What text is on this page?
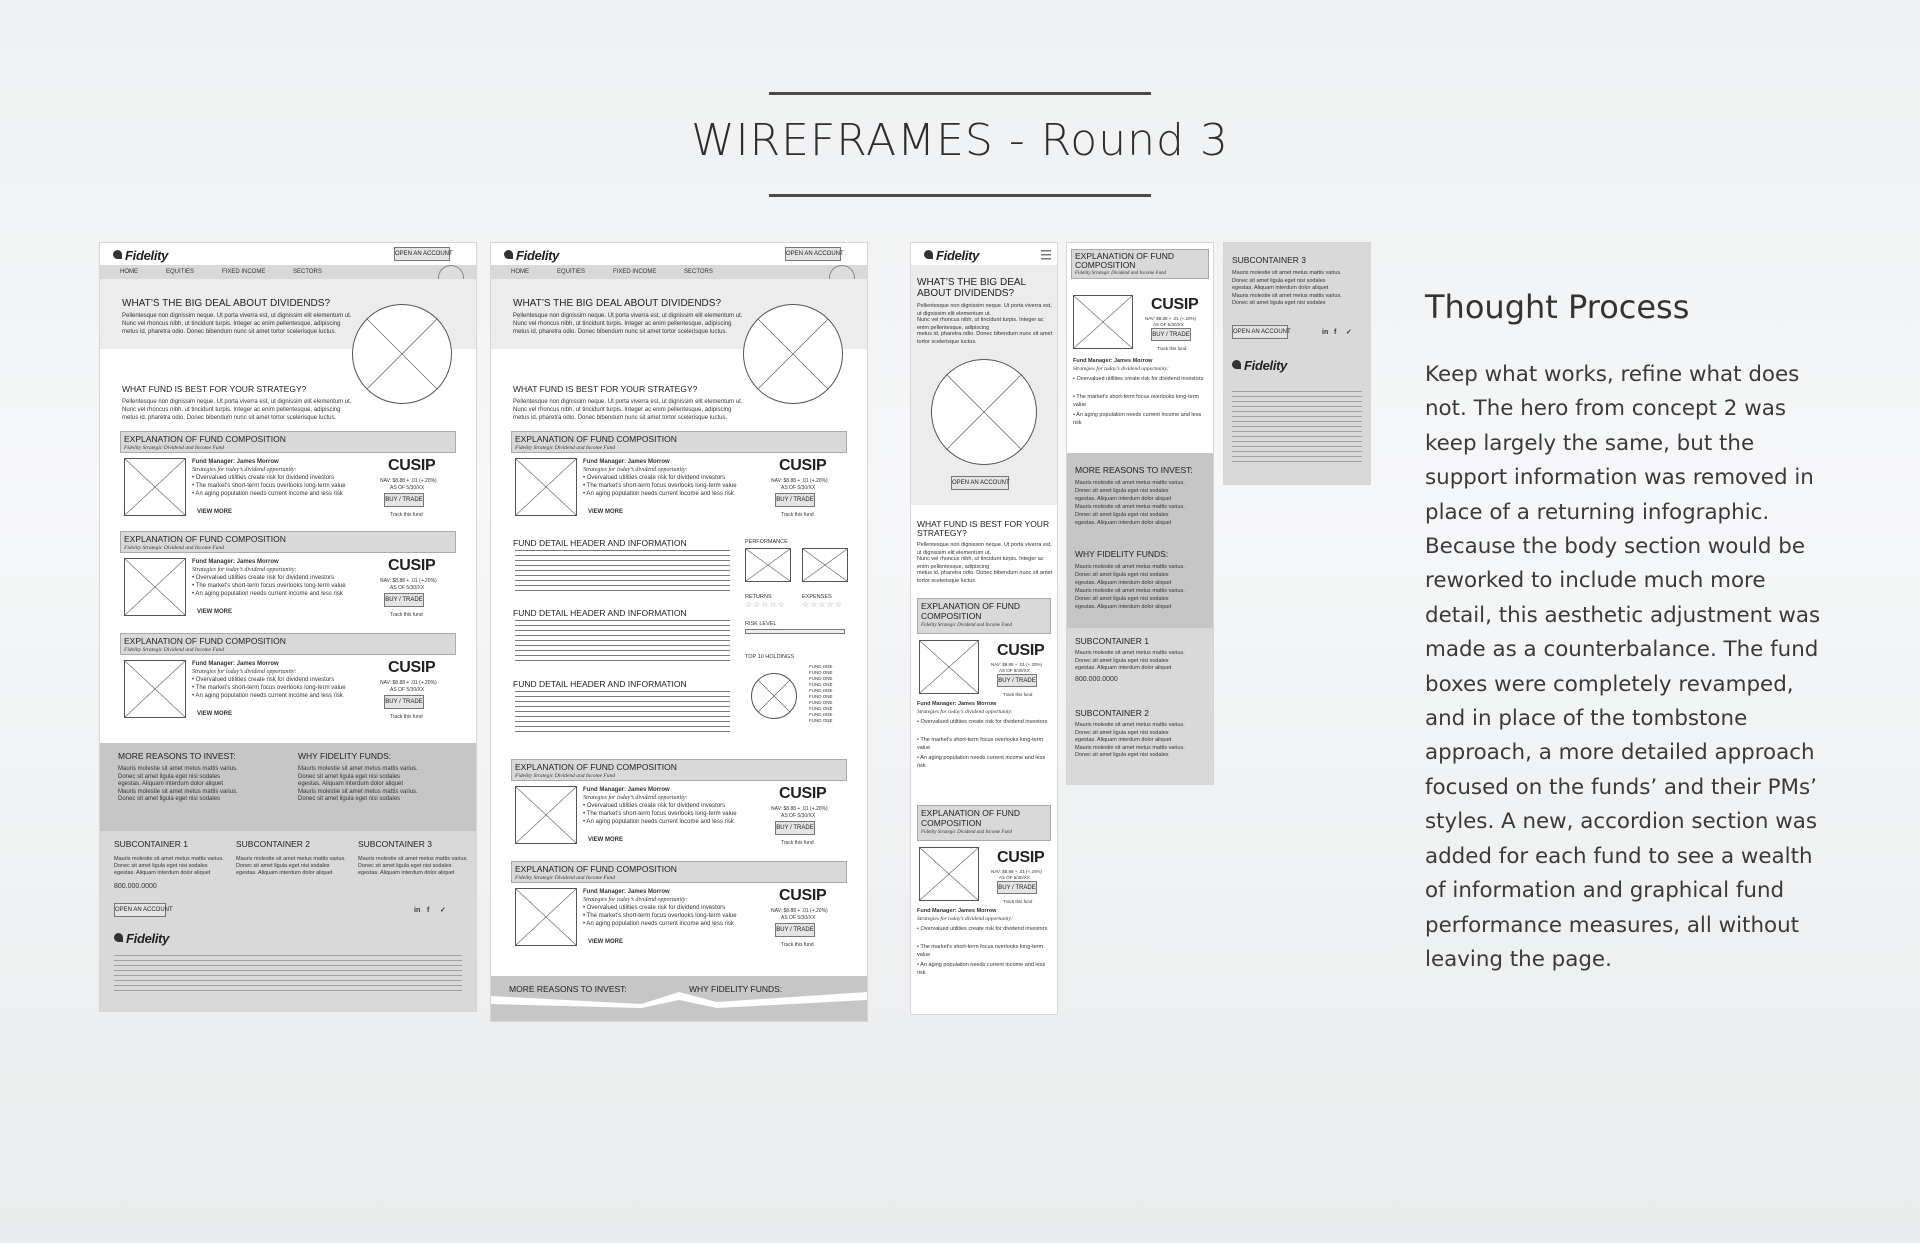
WIREFRAMES - Round 3
Fidelity	OPEN AN ACCOUNT
HOME	EQUITIES	FIXED INCOME	SECTORS
WHAT’S THE BIG DEAL ABOUT DIVIDENDS?
Pellentesque non dignissim neque. Ut porta viverra est, ut dignissim elit elementum ut.
Nunc vel rhoncus nibh, ut tincidunt turpis. Integer ac enim pellentesque, adipiscing
metus id, pharetra odio. Donec bibendum nunc sit amet tortor scelerisque luctus.
WHAT FUND IS BEST FOR YOUR STRATEGY?
Pellentesque non dignissim neque. Ut porta viverra est, ut dignissim elit elementum ut.
Nunc vel rhoncus nibh, ut tincidunt turpis. Integer ac enim pellentesque, adipiscing
metus id, pharetra odio. Donec bibendum nunc sit amet tortor scelerisque luctus.
EXPLANATION OF FUND COMPOSITION
Fidelity Strategic Dividend and Income Fund
Fund Manager: James Morrow
Strategies for today’s dividend opportunity:
• Overvalued utilities create risk for dividend investors
• The market’s short-term focus overlooks long-term value
• An aging population needs current income and less risk
VIEW MORE
CUSIP
NAV: $8.88 + .01 (+.20%)
AS OF 5/30/XX
BUY / TRADE
Track this fund
EXPLANATION OF FUND COMPOSITION
Fidelity Strategic Dividend and Income Fund
Fund Manager: James Morrow
Strategies for today’s dividend opportunity:
• Overvalued utilities create risk for dividend investors
• The market’s short-term focus overlooks long-term value
• An aging population needs current income and less risk
VIEW MORE
CUSIP
NAV: $8.88 + .01 (+.20%)
AS OF 5/30/XX
BUY / TRADE
Track this fund
EXPLANATION OF FUND COMPOSITION
Fidelity Strategic Dividend and Income Fund
Fund Manager: James Morrow
Strategies for today’s dividend opportunity:
• Overvalued utilities create risk for dividend investors
• The market’s short-term focus overlooks long-term value
• An aging population needs current income and less risk
VIEW MORE
CUSIP
NAV: $8.88 + .01 (+.20%)
AS OF 5/30/XX
BUY / TRADE
Track this fund
MORE REASONS TO INVEST:	WHY FIDELITY FUNDS:
Mauris molestie sit amet metus mattis varius.
Donec sit amet ligula eget nisi sodales
egestas. Aliquam interdum dolor aliquet
Mauris molestie sit amet metus mattis varius.
Donec sit amet ligula eget nisi sodales
Mauris molestie sit amet metus mattis varius.
Donec sit amet ligula eget nisi sodales
egestas. Aliquam interdum dolor aliquet
Mauris molestie sit amet metus mattis varius.
Donec sit amet ligula eget nisi sodales
SUBCONTAINER 1
Mauris molestie sit amet metus mattis varius.
Donec sit amet ligula eget nisi sodales
egestas. Aliquam interdum dolor aliquet
SUBCONTAINER 2
Mauris molestie sit amet metus mattis varius.
Donec sit amet ligula eget nisi sodales
egestas. Aliquam interdum dolor aliquet
SUBCONTAINER 3
Mauris molestie sit amet metus mattis varius.
Donec sit amet ligula eget nisi sodales
egestas. Aliquam interdum dolor aliquet
800.000.0000
OPEN AN ACCOUNT	in f ✓
Fidelity
Fidelity	OPEN AN ACCOUNT
HOME	EQUITIES	FIXED INCOME	SECTORS
WHAT’S THE BIG DEAL ABOUT DIVIDENDS?
Pellentesque non dignissim neque. Ut porta viverra est, ut dignissim elit elementum ut.
Nunc vel rhoncus nibh, ut tincidunt turpis. Integer ac enim pellentesque, adipiscing
metus id, pharetra odio. Donec bibendum nunc sit amet tortor scelerisque luctus.
WHAT FUND IS BEST FOR YOUR STRATEGY?
Pellentesque non dignissim neque. Ut porta viverra est, ut dignissim elit elementum ut.
Nunc vel rhoncus nibh, ut tincidunt turpis. Integer ac enim pellentesque, adipiscing
metus id, pharetra odio. Donec bibendum nunc sit amet tortor scelerisque luctus.
EXPLANATION OF FUND COMPOSITION
Fidelity Strategic Dividend and Income Fund
Fund Manager: James Morrow
Strategies for today’s dividend opportunity:
• Overvalued utilities create risk for dividend investors
• The market’s short-term focus overlooks long-term value
• An aging population needs current income and less risk
VIEW MORE
CUSIP
NAV: $8.88 + .01 (+.20%)
AS OF 5/30/XX
BUY / TRADE
Track this fund
FUND DETAIL HEADER AND INFORMATION
FUND DETAIL HEADER AND INFORMATION
FUND DETAIL HEADER AND INFORMATION
PERFORMANCE
RETURNS	EXPENSES
☆☆☆☆☆ ☆☆☆☆☆
RISK LEVEL
TOP 10 HOLDINGS
FUND ONE
FUND ONE
FUND ONE
FUND ONE
FUND ONE
FUND ONE
FUND ONE
FUND ONE
FUND ONE
FUND ONE
EXPLANATION OF FUND COMPOSITION
Fidelity Strategic Dividend and Income Fund
Fund Manager: James Morrow
Strategies for today’s dividend opportunity:
• Overvalued utilities create risk for dividend investors
• The market’s short-term focus overlooks long-term value
• An aging population needs current income and less risk
VIEW MORE
CUSIP
NAV: $8.88 + .01 (+.20%)
AS OF 5/30/XX
BUY / TRADE
Track this fund
EXPLANATION OF FUND COMPOSITION
Fidelity Strategic Dividend and Income Fund
Fund Manager: James Morrow
Strategies for today’s dividend opportunity:
• Overvalued utilities create risk for dividend investors
• The market’s short-term focus overlooks long-term value
• An aging population needs current income and less risk
VIEW MORE
CUSIP
NAV: $8.88 + .01 (+.20%)
AS OF 5/30/XX
BUY / TRADE
Track this fund
MORE REASONS TO INVEST:	WHY FIDELITY FUNDS:
Fidelity
WHAT’S THE BIG DEAL
ABOUT DIVIDENDS?
Pellentesque non dignissim neque. Ut porta viverra est, ut dignissim elit elementum ut.
Nunc vel rhoncus nibh, ut tincidunt turpis. Integer ac enim pellentesque, adipiscing
metus id, pharetra odio. Donec bibendum nunc sit amet tortor scelerisque luctus.
OPEN AN ACCOUNT
WHAT FUND IS BEST FOR YOUR
STRATEGY?
Pellentesque non dignissim neque. Ut porta viverra est, ut dignissim elit elementum ut.
Nunc vel rhoncus nibh, ut tincidunt turpis. Integer ac enim pellentesque, adipiscing
metus id, pharetra odio. Donec bibendum nunc sit amet tortor scelerisque luctus.
EXPLANATION OF FUND
COMPOSITION
Fidelity Strategic Dividend and Income Fund
CUSIP
NAV: $8.88 + .01 (+.20%)
AS OF 5/30/XX
BUY / TRADE
Track this fund
Fund Manager: James Morrow
Strategies for today’s dividend opportunity:
• Overvalued utilities create risk for dividend investors
• The market’s short-term focus overlooks long-term value
• An aging population needs current income and less risk
EXPLANATION OF FUND
COMPOSITION
Fidelity Strategic Dividend and Income Fund
CUSIP
NAV: $8.88 + .01 (+.20%)
AS OF 5/30/XX
BUY / TRADE
Track this fund
Fund Manager: James Morrow
Strategies for today’s dividend opportunity:
• Overvalued utilities create risk for dividend investors
• The market’s short-term focus overlooks long-term value
• An aging population needs current income and less risk
EXPLANATION OF FUND
COMPOSITION
Fidelity Strategic Dividend and Income Fund
CUSIP
NAV: $8.88 + .01 (+.20%)
AS OF 5/30/XX
BUY / TRADE
Track this fund
Fund Manager: James Morrow
Strategies for today’s dividend opportunity:
• Overvalued utilities create risk for dividend investors
• The market’s short-term focus overlooks long-term value
• An aging population needs current income and less risk
MORE REASONS TO INVEST:
Mauris molestie sit amet metus mattis varius.
Donec sit amet ligula eget nisi sodales
egestas. Aliquam interdum dolor aliquet
Mauris molestie sit amet metus mattis varius.
Donec sit amet ligula eget nisi sodales
egestas. Aliquam interdum dolor aliquet
WHY FIDELITY FUNDS:
Mauris molestie sit amet metus mattis varius.
Donec sit amet ligula eget nisi sodales
egestas. Aliquam interdum dolor aliquet
Mauris molestie sit amet metus mattis varius.
Donec sit amet ligula eget nisi sodales
egestas. Aliquam interdum dolor aliquet
SUBCONTAINER 1
Mauris molestie sit amet metus mattis varius.
Donec sit amet ligula eget nisi sodales
egestas. Aliquam interdum dolor aliquet
800.000.0000
SUBCONTAINER 2
Mauris molestie sit amet metus mattis varius.
Donec sit amet ligula eget nisi sodales
egestas. Aliquam interdum dolor aliquet
Mauris molestie sit amet metus mattis varius.
Donec sit amet ligula eget nisi sodales
SUBCONTAINER 3
Mauris molestie sit amet metus mattis varius.
Donec sit amet ligula eget nisi sodales
egestas. Aliquam interdum dolor aliquet
Mauris molestie sit amet metus mattis varius.
Donec sit amet ligula eget nisi sodales
OPEN AN ACCOUNT	in f ✓
Fidelity
Thought Process
Keep what works, refine what does
not. The hero from concept 2 was
keep largely the same, but the
support information was removed in
place of a returning infographic.
Because the body section would be
reworked to include much more
detail, this aesthetic adjustment was
made as a counterbalance. The fund
boxes were completely revamped,
and in place of the tombstone
approach, a more detailed approach
focused on the funds’ and their PMs’
styles. A new, accordion section was
added for each fund to see a wealth
of information and graphical fund
performance measures, all without
leaving the page.
